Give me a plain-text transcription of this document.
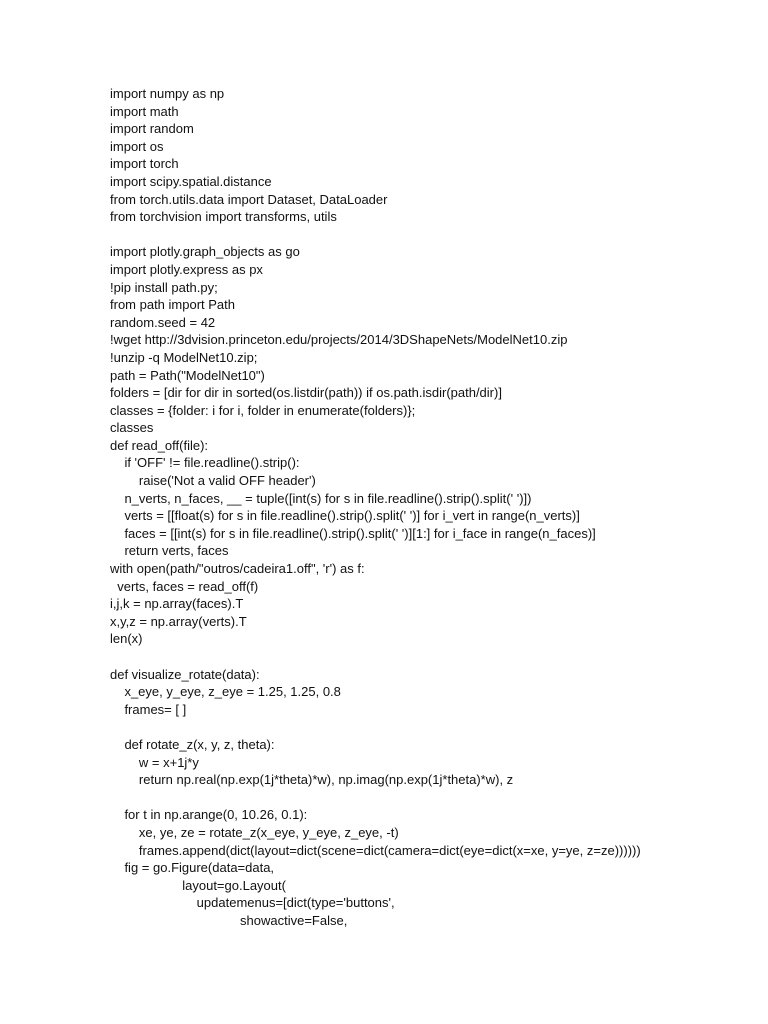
import numpy as np
import math
import random
import os
import torch
import scipy.spatial.distance
from torch.utils.data import Dataset, DataLoader
from torchvision import transforms, utils
import plotly.graph_objects as go
import plotly.express as px
!pip install path.py;
from path import Path
random.seed = 42
!wget http://3dvision.princeton.edu/projects/2014/3DShapeNets/ModelNet10.zip
!unzip -q ModelNet10.zip;
path = Path("ModelNet10")
folders = [dir for dir in sorted(os.listdir(path)) if os.path.isdir(path/dir)]
classes = {folder: i for i, folder in enumerate(folders)};
classes
def read_off(file):
if 'OFF' != file.readline().strip():
raise('Not a valid OFF header')
n_verts, n_faces, __ = tuple([int(s) for s in file.readline().strip().split(' ')])
verts = [[float(s) for s in file.readline().strip().split(' ')] for i_vert in range(n_verts)]
faces = [[int(s) for s in file.readline().strip().split(' ')][1:] for i_face in range(n_faces)]
return verts, faces
with open(path/"outros/cadeira1.off", 'r') as f:
verts, faces = read_off(f)
i,j,k = np.array(faces).T
x,y,z = np.array(verts).T
len(x)
def visualize_rotate(data):
x_eye, y_eye, z_eye = 1.25, 1.25, 0.8
frames= [ ]
def rotate_z(x, y, z, theta):
w = x+1j*y
return np.real(np.exp(1j*theta)*w), np.imag(np.exp(1j*theta)*w), z
for t in np.arange(0, 10.26, 0.1):
xe, ye, ze = rotate_z(x_eye, y_eye, z_eye, -t)
frames.append(dict(layout=dict(scene=dict(camera=dict(eye=dict(x=xe, y=ye, z=ze))))))
fig = go.Figure(data=data,
layout=go.Layout(
updatemenus=[dict(type='buttons',
showactive=False,
